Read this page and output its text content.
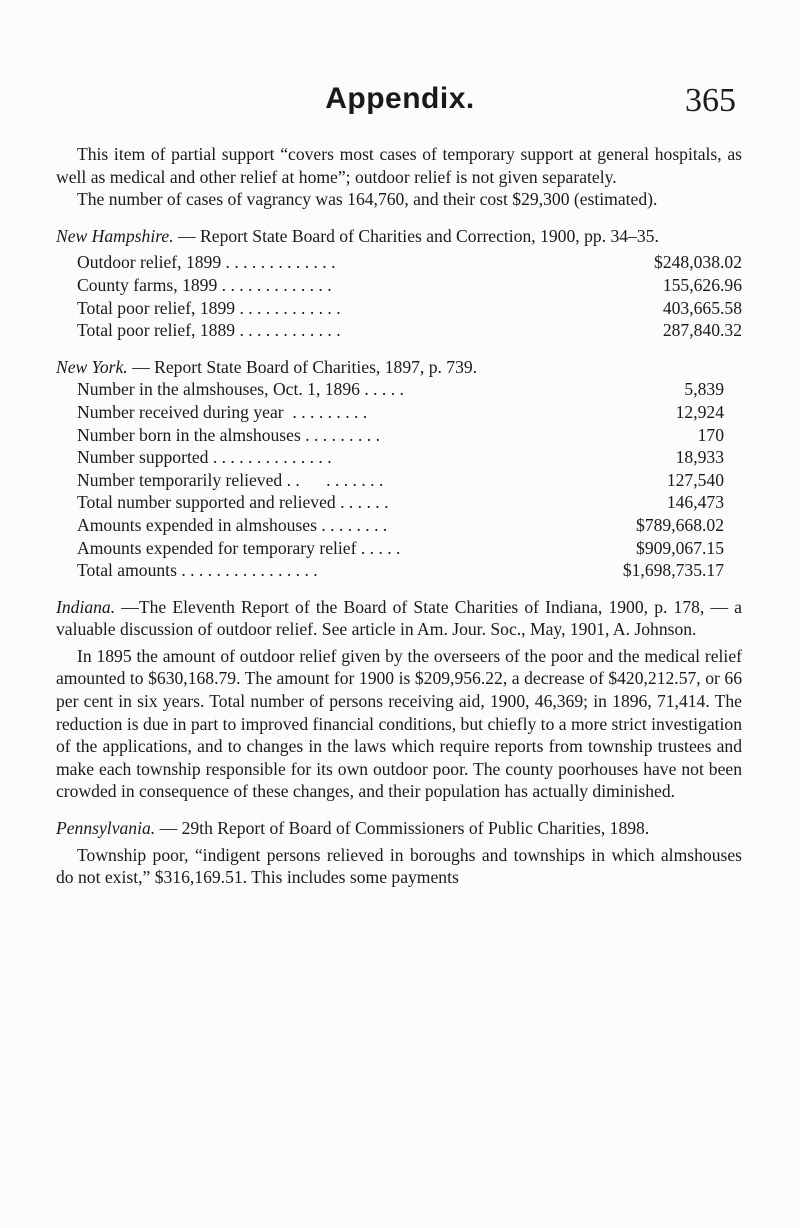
Appendix.	365

This item of partial support “covers most cases of temporary support at general hospitals, as well as medical and other relief at home”; outdoor relief is not given separately.

The number of cases of vagrancy was 164,760, and their cost $29,300 (estimated).

New Hampshire. — Report State Board of Charities and Correction, 1900, pp. 34–35.

Outdoor relief, 1899 . . . . . . . . . . . . .	$248,038.02
County farms, 1899 . . . . . . . . . . . . .	155,626.96
Total poor relief, 1899 . . . . . . . . . . . .	403,665.58
Total poor relief, 1889 . . . . . . . . . . . .	287,840.32

New York. — Report State Board of Charities, 1897, p. 739.

Number in the almshouses, Oct. 1, 1896 . . . . .	5,839
Number received during year  . . . . . . . . .	12,924
Number born in the almshouses . . . . . . . . .	170
Number supported . . . . . . . . . . . . . .	18,933
Number temporarily relieved . .      . . . . . . .	127,540
Total number supported and relieved . . . . . .	146,473
Amounts expended in almshouses . . . . . . . .	$789,668.02
Amounts expended for temporary relief . . . . .	$909,067.15
Total amounts . . . . . . . . . . . . . . . .	$1,698,735.17

Indiana. —The Eleventh Report of the Board of State Charities of Indiana, 1900, p. 178, — a valuable discussion of outdoor relief. See article in Am. Jour. Soc., May, 1901, A. Johnson.

In 1895 the amount of outdoor relief given by the overseers of the poor and the medical relief amounted to $630,168.79. The amount for 1900 is $209,956.22, a decrease of $420,212.57, or 66 per cent in six years. Total number of persons receiving aid, 1900, 46,369; in 1896, 71,414. The reduction is due in part to improved financial conditions, but chiefly to a more strict investigation of the applications, and to changes in the laws which require reports from township trustees and make each township responsible for its own outdoor poor. The county poorhouses have not been crowded in consequence of these changes, and their population has actually diminished.

Pennsylvania. — 29th Report of Board of Commissioners of Public Charities, 1898.

Township poor, “indigent persons relieved in boroughs and townships in which almshouses do not exist,” $316,169.51. This includes some payments
